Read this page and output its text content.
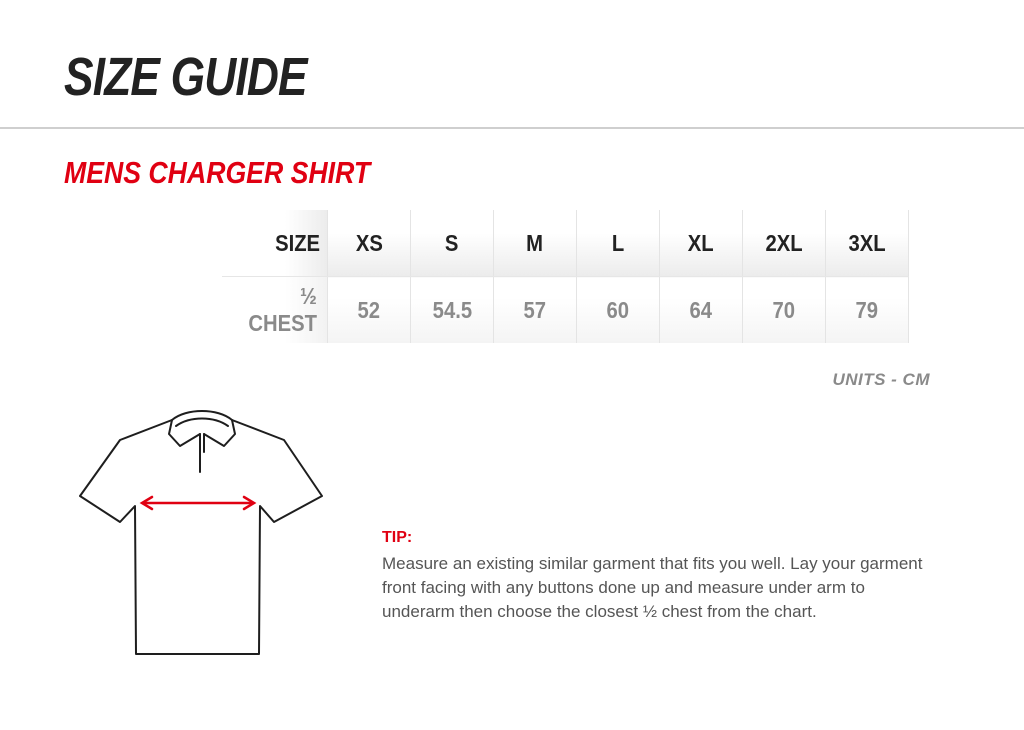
SIZE GUIDE
MENS CHARGER SHIRT
SIZE	XS	S	M	L	XL	2XL	3XL
½ CHEST	52	54.5	57	60	64	70	79
UNITS - CM
TIP:
Measure an existing similar garment that fits you well. Lay your garment front facing with any buttons done up and measure under arm to underarm then choose the closest ½ chest from the chart.
